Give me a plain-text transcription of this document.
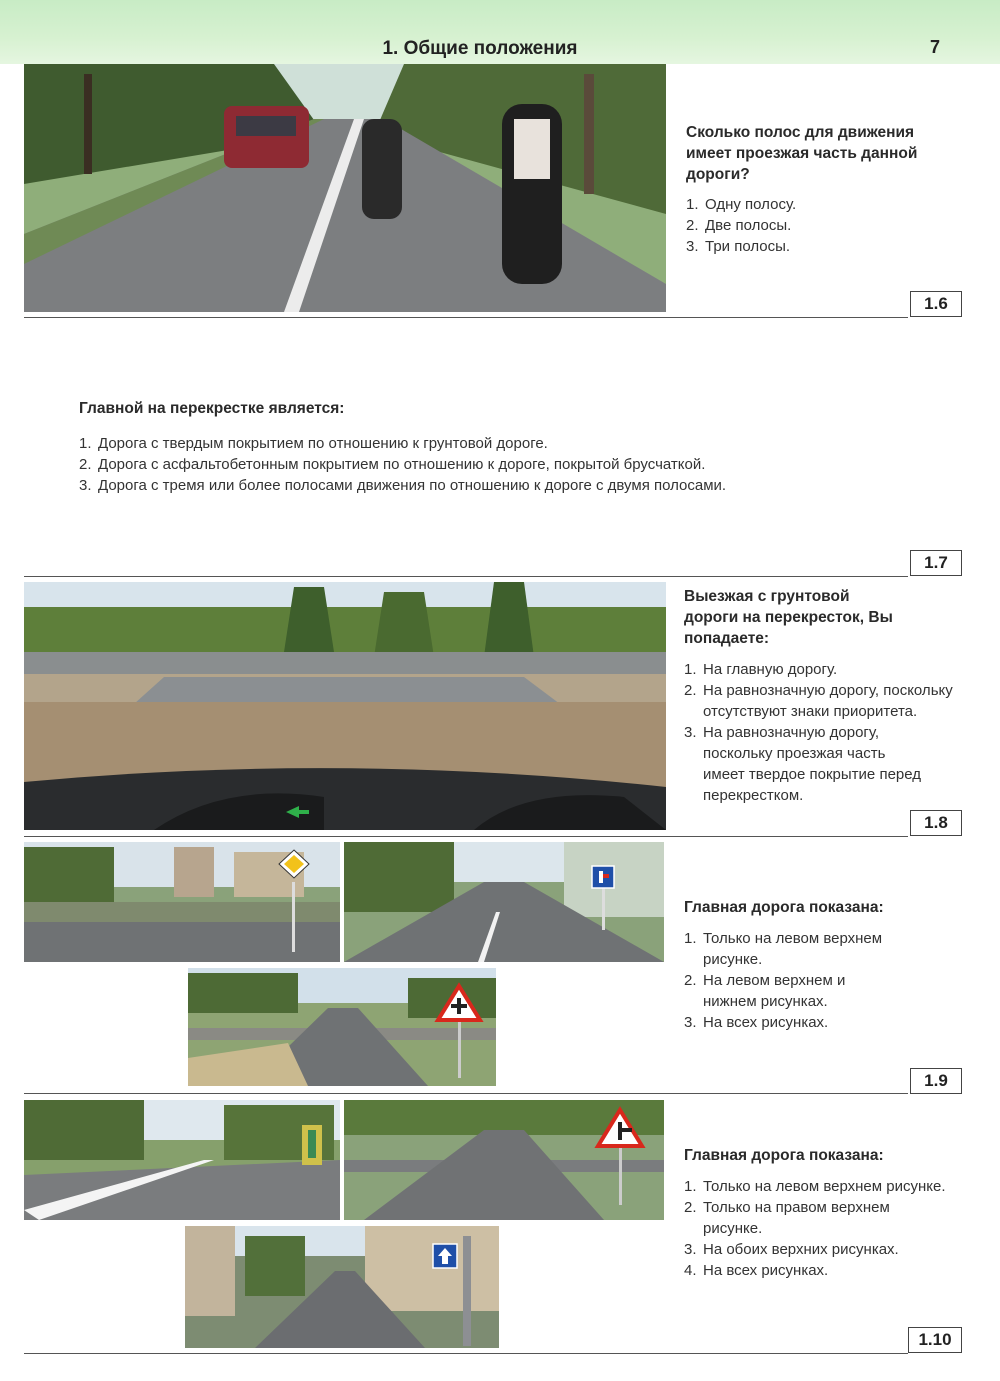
1. Общие положения	7
Сколько полос для движения имеет проезжая часть данной дороги?
1. Одну полосу.
2. Две полосы.
3. Три полосы.
1.6
Главной на перекрестке является:
1. Дорога с твердым покрытием по отношению к грунтовой дороге.
2. Дорога с асфальтобетонным покрытием по отношению к дороге, покрытой брусчаткой.
3. Дорога с тремя или более полосами движения по отношению к дороге с двумя полосами.
1.7
Выезжая с грунтовой дороги на перекресток, Вы попадаете:
1. На главную дорогу.
2. На равнозначную дорогу, поскольку отсутствуют знаки приоритета.
3. На равнозначную дорогу, поскольку проезжая часть имеет твердое покрытие перед перекрестком.
1.8
Главная дорога показана:
1. Только на левом верхнем рисунке.
2. На левом верхнем и нижнем рисунках.
3. На всех рисунках.
1.9
Главная дорога показана:
1. Только на левом верхнем рисунке.
2. Только на правом верхнем рисунке.
3. На обоих верхних рисунках.
4. На всех рисунках.
1.10
